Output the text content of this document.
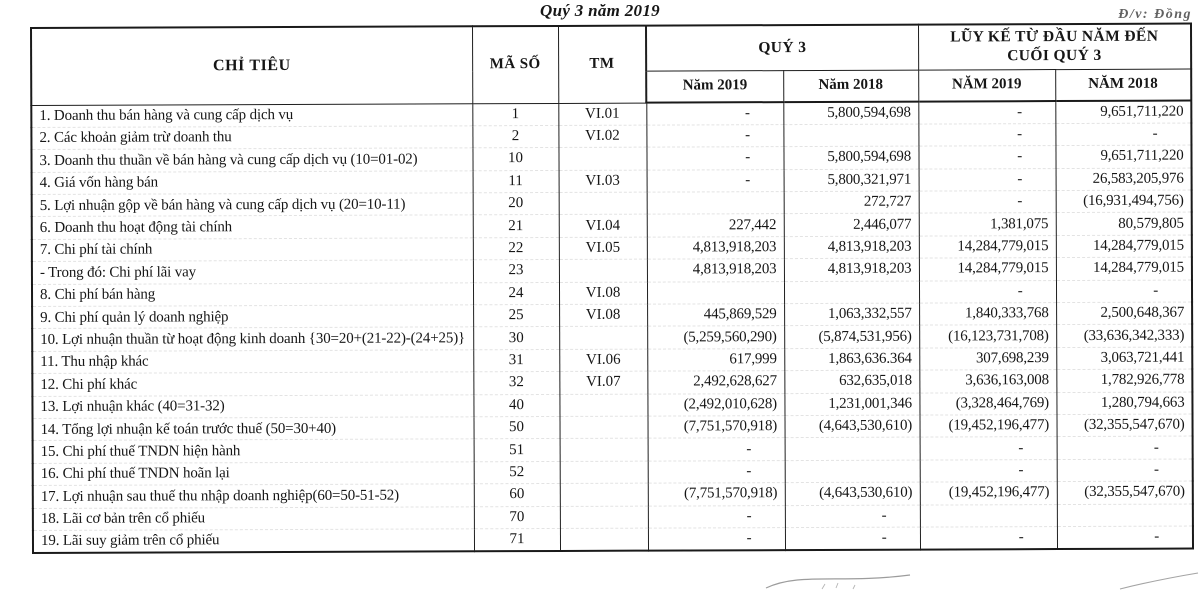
Quý 3 năm 2019	Đ/v: Đồng
CHỈ TIÊU	MÃ SỐ	TM	QUÝ 3		LŨY KẾ TỪ ĐẦU NĂM ĐẾN CUỐI QUÝ 3	
			Năm 2019	Năm 2018	NĂM 2019	NĂM 2018
1. Doanh thu bán hàng và cung cấp dịch vụ	1	VI.01	-	5,800,594,698	-	9,651,711,220
2. Các khoản giảm trừ doanh thu	2	VI.02	-		-	-
3. Doanh thu thuần về bán hàng và cung cấp dịch vụ (10=01-02)	10		-	5,800,594,698	-	9,651,711,220
4. Giá vốn hàng bán	11	VI.03	-	5,800,321,971	-	26,583,205,976
5. Lợi nhuận gộp về bán hàng và cung cấp dịch vụ (20=10-11)	20			272,727	-	(16,931,494,756)
6. Doanh thu hoạt động tài chính	21	VI.04	227,442	2,446,077	1,381,075	80,579,805
7. Chi phí tài chính	22	VI.05	4,813,918,203	4,813,918,203	14,284,779,015	14,284,779,015
- Trong đó: Chi phí lãi vay	23		4,813,918,203	4,813,918,203	14,284,779,015	14,284,779,015
8. Chi phí bán hàng	24	VI.08			-	-
9. Chi phí quản lý doanh nghiệp	25	VI.08	445,869,529	1,063,332,557	1,840,333,768	2,500,648,367
10. Lợi nhuận thuần từ hoạt động kinh doanh {30=20+(21-22)-(24+25)}	30		(5,259,560,290)	(5,874,531,956)	(16,123,731,708)	(33,636,342,333)
11. Thu nhập khác	31	VI.06	617,999	1,863,636.364	307,698,239	3,063,721,441
12. Chi phí khác	32	VI.07	2,492,628,627	632,635,018	3,636,163,008	1,782,926,778
13. Lợi nhuận khác (40=31-32)	40		(2,492,010,628)	1,231,001,346	(3,328,464,769)	1,280,794,663
14. Tổng lợi nhuận kế toán trước thuế (50=30+40)	50		(7,751,570,918)	(4,643,530,610)	(19,452,196,477)	(32,355,547,670)
15. Chi phí thuế TNDN hiện hành	51		-		-	-
16. Chi phí thuế TNDN hoãn lại	52		-		-	-
17. Lợi nhuận sau thuế thu nhập doanh nghiệp(60=50-51-52)	60		(7,751,570,918)	(4,643,530,610)	(19,452,196,477)	(32,355,547,670)
18. Lãi cơ bản trên cổ phiếu	70		-	-		
19. Lãi suy giảm trên cổ phiếu	71		-	-	-	-
